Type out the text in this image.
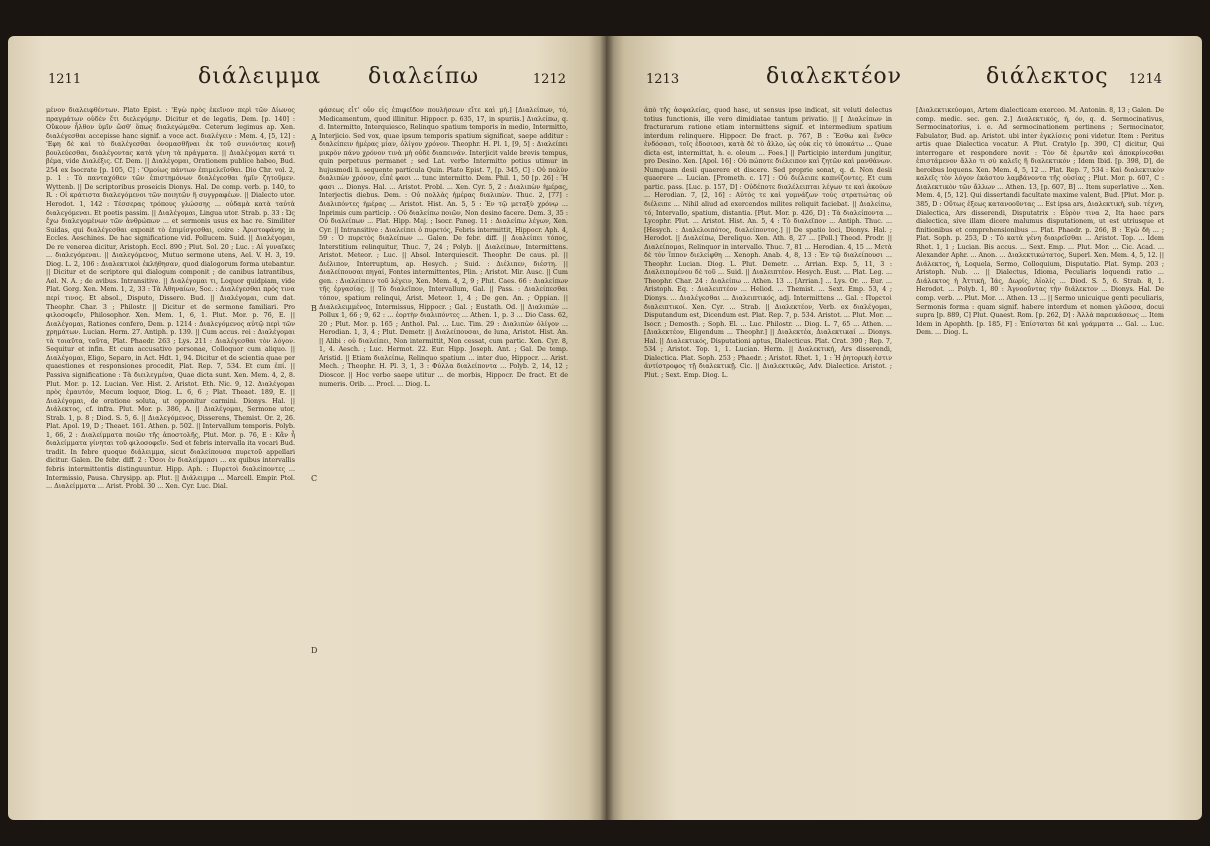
1211	διάλειμμα διαλείπω	1212

μένον διαλειφθέντων. Plato Epist. : 'Εγὼ πρὸς ἐκεῖνον περὶ τῶν Δίωνος πραγμάτων οὐδὲν ἔτι διελεγόμην. Dicitur et de legatis, Dem. [p. 140] : Οὔκουν ἦλθον ὑμῖν ὥσθ' ὅπως διαλεγώμεθα. Ceterum legimus ap. Xen. διαλέγεσθαι accepisse hanc signif. a voce act. διαλέγειν : Mem. 4, [5, 12] : 'Εφη δὲ καὶ τὸ διαλέγεσθαι ὀνομασθῆναι ἐκ τοῦ συνιόντας κοινῇ βουλεύεσθαι, διαλέγοντας κατὰ γένη τὰ πράγματα. || Διαλέγομαι κατά τι βέμα, vide Διαλέξις. Cf. Dem. || Διαλέγομαι, Orationem publice habeo, Bud. 254 ex Isocrate [p. 105, C] : 'Ομοίως πάντων ἐπιμελεῖσθαι. Dio Chr. vol. 2, p. 1 : Τὸ πανταχόθεν τῶν ἐπιστημόνων διαλέγεσθαι ἡμῖν ζητοῦμεν. Wyttenb. || De scriptoribus proseicis Dionys. Hal. De comp. verb. p. 140, to R. : Οἱ κράτιστα διαλεγόμενοι τῶν ποιητῶν ἢ συγγραφέων. || Dialecto utor. Herodot. 1, 142 : Τέσσερας τρόπους γλώσσης ... οὐδαμὰ κατὰ ταὐτὰ διαλεγόμεναι. Et poetis passim. || Διαλέγομαι, Lingua utor. Strab. p. 33 : Ὡς ἔχω διαλεγομένων τῶν ἀνθρώπων ... et sermonis usus ex hac re. Similiter Suidas, qui διαλέγεσθαι exponit τὸ ἐπιμίσγεσθαι, coire : Ἀριστοφάνης in Eccles. Aeschines. De hac significatione vid. Pollucem. Suid. || Διαλέγομαι, De re venerea dicitur, Aristoph. Eccl. 890 ; Plut. Sol. 20 ; Luc. : Αἱ γυναῖκες ... διαλεγόμεναι. || Διαλεγόμενος, Mutuo sermone utens, Ael. V. H. 3, 19. Diog. L. 2, 106 : Διαλεκτικοὶ ἐκλήθησαν, quod dialogorum forma utebantur. || Dicitur et de scriptore qui dialogum componit ; de canibus latrantibus, Ael. N. A. ; de avibus. Intransitive. || Διαλέγομαι τι, Loquor quidpiam, vide Plat. Gorg. Xen. Mem. 1, 2, 33 : Τὰ Ἀθηναίων, Soc. : Διαλέγεσθαι πρός τινα περί τινος. Et absol., Disputo, Dissero. Bud. || Διαλέγομαι, cum dat. Theophr. Char. 3 ; Philostr. || Dicitur et de sermone familiari. Pro φιλοσοφεῖν, Philosophor. Xen. Mem. 1, 6, 1. Plut. Mor. p. 76, E. || Διαλέγομαι, Rationes confero, Dem. p. 1214 : Διαλεγόμενος αὐτῷ περὶ τῶν χρημάτων. Lucian. Herm. 27. Antiph. p. 139. || Cum accus. rei : Διαλέγομαι τὰ τοιαῦτα, ταῦτα, Plat. Phaedr. 263 ; Lys. 211 : Διαλέγεσθαι τὸν λόγον. Sequitur et infin. Et cum accusativo personae, Colloquor cum aliquo. || Διαλέγομαι, Eligo, Separo, in Act. Hdt. 1, 94. Dicitur et de scientia quae per quaestiones et responsiones procedit, Plat. Rep. 7, 534. Et cum ἐπί. || Passiva significatione : Τὰ διειλεγμένα, Quae dicta sunt. Xen. Mem. 4, 2, 8. Plut. Mor. p. 12. Lucian. Ver. Hist. 2. Aristot. Eth. Nic. 9, 12. Διαλέγομαι πρὸς ἐμαυτόν, Mecum loquor, Diog. L. 6, 6 ; Plat. Theaet. 189, E. || Διαλέγομαι, de oratione soluta, ut opponitur carmini. Dionys. Hal. || Διάλεκτος, cf. infra. Plut. Mor. p. 386, A. || Διαλέγομαι, Sermone utor, Strab. 1, p. 8 ; Diod. S. 5, 6. || Διαλεγόμενος, Disserens, Themist. Or. 2, 26. Plat. Apol. 19, D ; Theaet. 161. Athen. p. 502. || Intervallum temporis. Polyb. 1, 66, 2 : Διαλείμματα ποιῶν τῆς ἀποστολῆς, Plut. Mor. p. 76, E : Κἂν ἦ διαλείμματα γίνηται τοῦ φιλοσοφεῖν. Sed et febris intervalla ita vocari Bud. tradit. In febre quoque διάλειμμα, sicut διαλείπουσα πυρετοῦ appellari dicitur. Galen. De febr. diff. 2 : Ὅσοι ἐν διαλείμμασι ... ex quibus intervallis febris intermittentis distinguuntur. Hipp. Aph. : Πυρετοὶ διαλείποντες ... Intermissio, Pausa. Chrysipp. ap. Plut. || Διάλειμμα ... Marcell. Empir. Ptol. ... Διαλείμματα ... Arist. Probl. 30 ... Xen. Cyr. Luc. Dial.

φάσεως εἶτ' οὖν εἰς ἐπιφεῖδον πουλήσεων εἴτε καὶ μὴ.] [Διαλείπων, τό, Medicamentum, quod illinitur. Hippocr. p. 635, 17, in spuriis.] Διαλείπω, q. d. Intermitto, Interquiesco, Relinquo spatium temporis in medio, Intermitto, Interjicio. Sed vox, quae ipsum temporis spatium significat, saepe additur : διαλείπειν ἡμέρας μίαν, ὀλίγον χρόνον. Theophr. H. Pl. 1, [9, 5] : Διαλείπει μικρὸν πάνυ χρόνον τινὰ μὴ οὐδὲ διαπεινάν. Interjicit valde brevis tempus, quin perpetuus permanet ; sed Lat. verbo Intermitto potius utimur in hujusmodi li. sequente partícula Quin. Plato Epist. 7, [p. 345, C] : Οὐ πολὺν διαλιπὼν χρόνον, εἶπέ φασι ... tunc intermitto. Dem. Phil. 1, 50 [p. 26] : Ἤ φασι ... Dionys. Hal. ... Aristot. Probl. ... Xen. Cyr. 5, 2 : Διαλιπὼν ἡμέρας, Interjectis diebus. Dem. : Οὐ πολλὰς ἡμέρας διαλιπὼν. Thuc. 2, [77] : Διαλιπόντες ἡμέρας ... Aristot. Hist. An. 5, 5 : Ἐν τῷ μεταξὺ χρόνῳ ... Inprimis cum particip. : Οὐ διαλείπω ποιῶν, Non desino facere. Dem. 3, 35 : Οὐ διαλείπων ... Plat. Hipp. Maj. ; Isocr. Paneg. 11 : Διαλείπω λέγων, Xen. Cyr. || Intransitive : Διαλείπει ὁ πυρετός, Febris intermittit, Hippocr. Aph. 4, 59 : Ὁ πυρετὸς διαλείπων ... Galen. De febr. diff. || Διαλείπει τόπος, Interstitium relinquitur, Thuc. 7, 24 ; Polyb. || Διαλείπων, Intermittens. Aristot. Meteor. ; Luc. || Absol. Interquiescit. Theophr. De caus. pl. || Διέλιπον, Interruptum, ap. Hesych. ; Suid. : Διέλιπεν, διέστη. || Διαλείπουσαι πηγαί, Fontes intermittentes, Plin. ; Aristot. Mir. Ausc. || Cum gen. : Διαλείπειν τοῦ λέγειν, Xen. Mem. 4, 2, 9 ; Plut. Caes. 66 : Διαλείπων τῆς ἐργασίας. || Τὸ διαλεῖπον, Intervallum, Gal. || Pass. : Διαλείπεσθαι τόπον, spatium relinqui, Arist. Meteor. 1, 4 ; De gen. An. ; Oppian. || Διαλελειμμένος, Intermissus, Hippocr. ; Gal. ; Eustath. Od. || Διαλιπών ... Pollux 1, 66 ; 9, 62 : ... ἑορτὴν διαλιπόντες ... Athen. 1, p. 3 ... Dio Cass. 62, 20 ; Plut. Mor. p. 165 ; Anthol. Pal. ... Luc. Tim. 29 : Διαλιπὼν ὀλίγον ... Herodian. 1, 3, 4 ; Plut. Demetr. || Διαλείπουσαι, de luna, Aristot. Hist. An. || Alibi : οὐ διαλείπει, Non intermittit, Non cessat, cum partic. Xen. Cyr. 8, 1, 4. Aesch. ; Luc. Hermot. 22. Eur. Hipp. Joseph. Ant. ; Gal. De temp. Aristid. || Etiam διαλείπω, Relinquo spatium ... inter duo, Hippocr. ... Arist. Mech. ; Theophr. H. Pl. 3, 1, 3 : Φύλλα διαλείποντα ... Polyb. 2, 14, 12 ; Dioscor. || Hoc verbo saepe utitur ... de morbis, Hippocr. De fract. Et de numeris. Orib. ... Procl. ... Diog. L.

A
B
C
D
1213	διαλεκτέον	διάλεκτος 1214

ἀπὸ τῆς ἀσφαλείας, quod hasc, ut sensus ipse indicat, sit veluti delectus totius functionis, ille vero dimidiatae tantum privatio. || [ Διαλείπων in fracturarum ratione etiam intermittens signif. et intermedium spatium interdum relinquere. Hippocr. De fract. p. 767, B : Ἔσθω καὶ ἔνθεν ἐνδόσασι, τοῖς ἐδοσιοσι, κατὰ δὲ τὸ ἄλλο, ὡς οὐκ εἰς τὸ ὑποκάτω ... Quae dicta est, intermittat, h. e. oleum ... Foes.] || Participio interdum jungitur, pro Desino. Xen. [Apol. 16] : Οὐ πώποτε διέλειπον καὶ ζητῶν καὶ μανθάνων. Numquam desii quaerere et discere. Sed proprie sonat, q. d. Non desii quaerere ... Lucian. [Prometh. c. 17] : Οὐ διέλειπε καπνίζοντες. Et cum partic. pass. [Luc. p. 157, D] : Οὐδέποτε διαλέλειπται λέγων τε καὶ ἀκούων ... Herodian. 7, [2, 16] : Αὐτὸς τε καὶ γυμνάζων τοὺς στρατιώτας οὐ διέλειπε ... Nihil aliud ad exercendos milites reliquit faciebat. || Διαλείπω, τό, Intervallo, spatium, distantia. [Plut. Mor. p. 426, D] : Τὰ διαλείποντα ... Lycophr. Plut. ... Aristot. Hist. An. 5, 4 : Τὸ διαλεῖπον ... Antiph. Thuc. ... [Hesych. : Διαλελοιπότος, διαλείποντος.] || De spatio loci, Dionys. Hal. ; Herodot. || Διαλείπω, Dereliquo. Xen. Ath. 8, 27 ... [Poll.] Theod. Prodr. || Διαλείπομαι, Relinquor in intervallo. Thuc. 7, 81 ... Herodian. 4, 15 ... Μετὰ δὲ τὸν ἵππον διελείφθη ... Xenoph. Anab. 4, 8, 13 : Ἐν τῷ διαλείπουσι ... Theophr. Lucian. Diog. L. Plut. Demetr. ... Arrian. Exp. 5, 11, 3 : Διαλειπομένου δὲ τοῦ ... Suid. || Διαλειπτέον. Hesych. Eust. ... Plat. Leg. ... Theophr. Char. 24 : Διαλείπω ... Athen. 13 ... [Arrian.] ... Lys. Or. ... Eur. ... Aristoph. Eq. : Διαλειπτέον ... Heliod. ... Themist. ... Sext. Emp. 53, 4 ; Dionys. ... Διαλέγεσθαι ... Διαλειπτικός, adj. Intermittens ... Gal. : Πυρετοὶ διαλειπτικοί. Xen. Cyr. ... Strab. || Διαλεκτέον, Verb. ex διαλέγομαι, Disputandum est, Dicendum est. Plat. Rep. 7, p. 534. Aristot. ... Plut. Mor. ... Isocr. ; Demosth. ; Soph. El. ... Luc. Philostr. ... Diog. L. 7, 65 ... Athen. ... [Διαλεκτέον, Eligendum ... Theophr.] || Διαλεκτέα, Διαλεκτικαί ... Dionys. Hal. || Διαλεκτικός, Disputationi aptus, Dialecticus. Plat. Crat. 390 ; Rep. 7, 534 ; Aristot. Top. 1, 1. Lucian. Herm. || Διαλεκτική, Ars disserendi, Dialectica. Plat. Soph. 253 ; Phaedr. ; Aristot. Rhet. 1, 1 : Ἡ ῥητορικὴ ἐστιν ἀντίστροφος τῇ διαλεκτικῇ. Cic. || Διαλεκτικῶς, Adv. Dialectice. Aristot. ; Plut. ; Sext. Emp. Diog. L.

[Διαλεκτικεύομαι, Artem dialecticam exerceo. M. Antonin. 8, 13 ; Galen. De comp. medic. sec. gen. 2.] Διαλεκτικός, ή, όν, q. d. Sermocinativus, Sermocinatorius, i. e. Ad sermocinationem pertinens ; Sermocinator, Fabulator, Bud. ap. Aristot. ubi inter ἐγκλίσεις poni videtur. Item : Peritus artis quae Dialectica vocatur. A Plut. Cratylo [p. 390, C] dicitur, Qui interrogare et respondere novit : Τὸν δὲ ἐρωτᾶν καὶ ἀποκρίνεσθαι ἐπιστάμενον ἄλλο τι σὺ καλεῖς ἢ διαλεκτικόν ; Idem Ibid. [p. 398, D], de heroibus loquens. Xen. Mem. 4, 5, 12 ... Plat. Rep. 7, 534 : Καὶ διαλεκτικὸν καλεῖς τὸν λόγον ἑκάστου λαμβάνοντα τῆς οὐσίας ; Plut. Mor. p. 607, C : Διαλεκτικὸν τῶν ἄλλων ... Athen. 13, [p. 607, B] ... Item superlative ... Xen. Mem. 4, [5, 12]. Qui dissertandi facultate maxime valent, Bud. [Plut. Mor. p. 385, D : Οὕτως ἐξεως κατανοοῦντας ... Est ipsa ars, Διαλεκτική, sub. τέχνη, Dialectica, Ars disserendi, Disputatrix : Εὑρὸν τινα 2, Ita haec pars dialectica, sive illam dicere malumus disputationem, ut est utriusque et finitionibus et comprehensionibus ... Plat. Phaedr. p. 266, B : Ἐγὼ δὴ ... ; Plat. Soph. p. 253, D : Τὸ κατὰ γένη διαιρεῖσθαι ... Aristot. Top. ... Idem Rhet. 1, 1 ; Lucian. Bis accus. ... Sext. Emp. ... Plut. Mor. ... Cic. Acad. ... Alexander Aphr. ... Anon. ... Διαλεκτικώτατος, Superl. Xen. Mem. 4, 5, 12. || Διάλεκτος, ἡ, Loquela, Sermo, Colloquium, Disputatio. Plat. Symp. 203 ; Aristoph. Nub. ... || Dialectus, Idioma, Peculiaris loquendi ratio ... Διάλεκτος ἡ Ἀττικὴ, Ἰάς, Δωρίς, Αἰολίς ... Diod. S. 5, 6. Strab. 8, 1. Herodot. ... Polyb. 1, 80 : Ἀγνοοῦντας τὴν διάλεκτον ... Dionys. Hal. De comp. verb. ... Plut. Mor. ... Athen. 13 ... || Sermo unicuique genti peculiaris, Sermonis forma : quam signif. habere interdum et nomen γλῶσσα, docui supra [p. 889, C] Plut. Quaest. Rom. [p. 262, D] : Ἀλλὰ παρεικάσεως ... Item Idem in Apophth. [p. 185, F] : Ἐπίσταται δὲ καὶ γράμματα ... Gal. ... Luc. Dem. ... Diog. L.
